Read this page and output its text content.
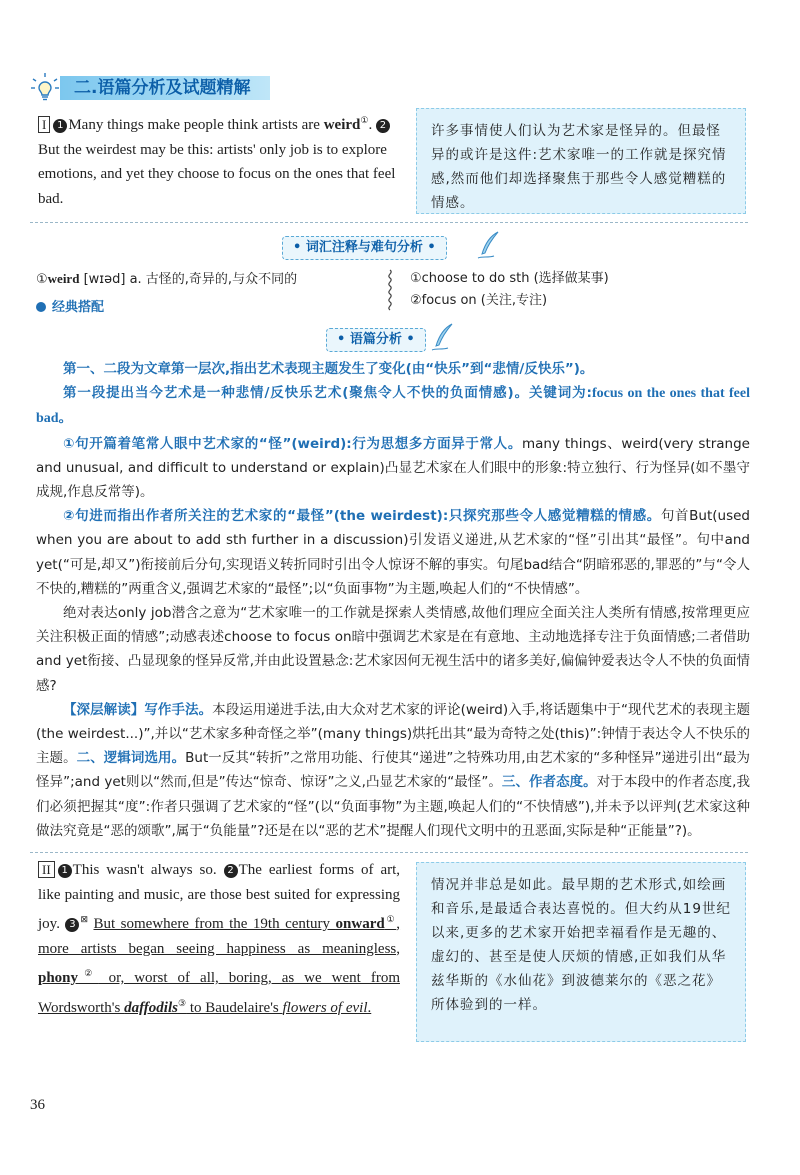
二.语篇分析及试题精解
I 1 Many things make people think artists are weird①. 2But the weirdest may be this: artists' only job is to explore emotions, and yet they choose to focus on the ones that feel bad.
许多事情使人们认为艺术家是怪异的。但最怪异的或许是这件:艺术家唯一的工作就是探究情感,然而他们却选择聚焦于那些令人感觉糟糕的情感。
• 词汇注释与难句分析 •
①weird [wɪəd] a. 古怪的,奇异的,与众不同的	①choose to do sth (选择做某事)
②focus on (关注,专注)
经典搭配
• 语篇分析 •

第一、二段为文章第一层次,指出艺术表现主题发生了变化(由“快乐”到“悲情/反快乐”)。

第一段提出当今艺术是一种悲情/反快乐艺术(聚焦令人不快的负面情感)。关键词为:focus on the ones that feel bad。

①句开篇着笔常人眼中艺术家的“怪”(weird):行为思想多方面异于常人。many things、weird(very strange and unusual, and difficult to understand or explain)凸显艺术家在人们眼中的形象:特立独行、行为怪异(如不墨守成规,作息反常等)。

②句进而指出作者所关注的艺术家的“最怪”(the weirdest):只探究那些令人感觉糟糕的情感。句首But(used when you are about to add sth further in a discussion)引发语义递进,从艺术家的“怪”引出其“最怪”。句中and yet(“可是,却又”)衔接前后分句,实现语义转折同时引出令人惊讶不解的事实。句尾bad结合“阴暗邪恶的,罪恶的”与“令人不快的,糟糕的”两重含义,强调艺术家的“最怪”;以“负面事物”为主题,唤起人们的“不快情感”。

绝对表达only job潜含之意为“艺术家唯一的工作就是探索人类情感,故他们理应全面关注人类所有情感,按常理更应关注积极正面的情感”;动感表述choose to focus on暗中强调艺术家是在有意地、主动地选择专注于负面情感;二者借助and yet衔接、凸显现象的怪异反常,并由此设置悬念:艺术家因何无视生活中的诸多美好,偏偏钟爱表达令人不快的负面情感?

【深层解读】写作手法。本段运用递进手法,由大众对艺术家的评论(weird)入手,将话题集中于“现代艺术的表现主题(the weirdest...)”,并以“艺术家多种奇怪之举”(many things)烘托出其“最为奇特之处(this)”:钟情于表达令人不快乐的主题。二、逻辑词选用。But一反其“转折”之常用功能、行使其“递进”之特殊功用,由艺术家的“多种怪异”递进引出“最为怪异”;and yet则以“然而,但是”传达“惊奇、惊讶”之义,凸显艺术家的“最怪”。三、作者态度。对于本段中的作者态度,我们必须把握其“度”:作者只强调了艺术家的“怪”(以“负面事物”为主题,唤起人们的“不快情感”),并未予以评判(艺术家这种做法究竟是“恶的颂歌”,属于“负能量”?还是在以“恶的艺术”提醒人们现代文明中的丑恶面,实际是种“正能量”?)。

II 1 This wasn't always so. 2 The earliest forms of art, like painting and music, are those best suited for expressing joy. 3 ⊠ But somewhere from the 19th century onward①, more artists began seeing happiness as meaningless, phony② or, worst of all, boring, as we went from Wordsworth's daffodils③ to Baudelaire's flowers of evil.
情况并非总是如此。最早期的艺术形式,如绘画和音乐,是最适合表达喜悦的。但大约从19世纪以来,更多的艺术家开始把幸福看作是无趣的、虚幻的、甚至是使人厌烦的情感,正如我们从华兹华斯的《水仙花》到波德莱尔的《恶之花》所体验到的一样。
36
